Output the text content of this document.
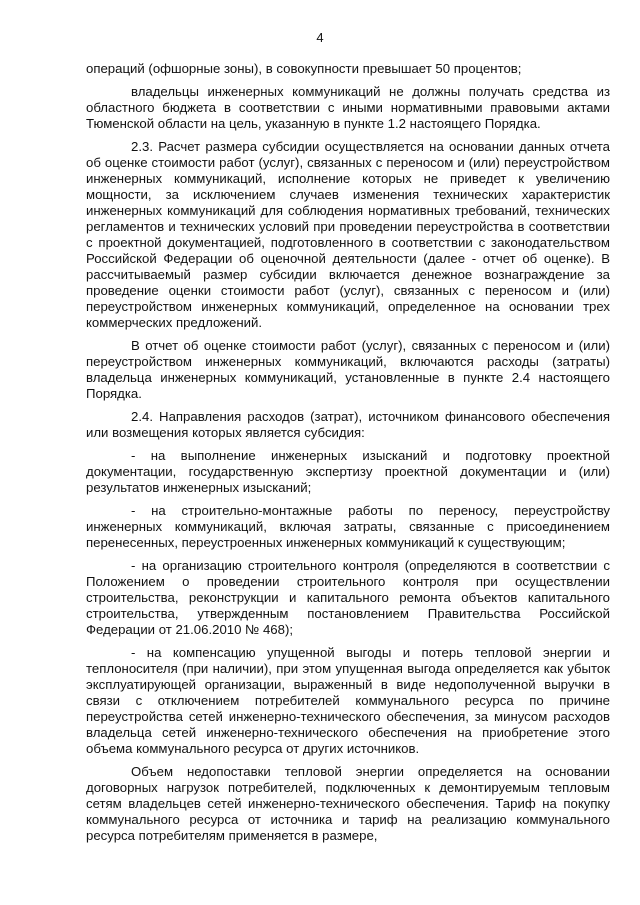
4

операций (офшорные зоны), в совокупности превышает 50 процентов;

владельцы инженерных коммуникаций не должны получать средства из областного бюджета в соответствии с иными нормативными правовыми актами Тюменской области на цель, указанную в пункте 1.2 настоящего Порядка.

2.3. Расчет размера субсидии осуществляется на основании данных отчета об оценке стоимости работ (услуг), связанных с переносом и (или) переустройством инженерных коммуникаций, исполнение которых не приведет к увеличению мощности, за исключением случаев изменения технических характеристик инженерных коммуникаций для соблюдения нормативных требований, технических регламентов и технических условий при проведении переустройства в соответствии с проектной документацией, подготовленного в соответствии с законодательством Российской Федерации об оценочной деятельности (далее - отчет об оценке). В рассчитываемый размер субсидии включается денежное вознаграждение за проведение оценки стоимости работ (услуг), связанных с переносом и (или) переустройством инженерных коммуникаций, определенное на основании трех коммерческих предложений.

В отчет об оценке стоимости работ (услуг), связанных с переносом и (или) переустройством инженерных коммуникаций, включаются расходы (затраты) владельца инженерных коммуникаций, установленные в пункте 2.4 настоящего Порядка.

2.4. Направления расходов (затрат), источником финансового обеспечения или возмещения которых является субсидия:

- на выполнение инженерных изысканий и подготовку проектной документации, государственную экспертизу проектной документации и (или) результатов инженерных изысканий;

- на строительно-монтажные работы по переносу, переустройству инженерных коммуникаций, включая затраты, связанные с присоединением перенесенных, переустроенных инженерных коммуникаций к существующим;

- на организацию строительного контроля (определяются в соответствии с Положением о проведении строительного контроля при осуществлении строительства, реконструкции и капитального ремонта объектов капитального строительства, утвержденным постановлением Правительства Российской Федерации от 21.06.2010 № 468);

- на компенсацию упущенной выгоды и потерь тепловой энергии и теплоносителя (при наличии), при этом упущенная выгода определяется как убыток эксплуатирующей организации, выраженный в виде недополученной выручки в связи с отключением потребителей коммунального ресурса по причине переустройства сетей инженерно-технического обеспечения, за минусом расходов владельца сетей инженерно-технического обеспечения на приобретение этого объема коммунального ресурса от других источников.

Объем недопоставки тепловой энергии определяется на основании договорных нагрузок потребителей, подключенных к демонтируемым тепловым сетям владельцев сетей инженерно-технического обеспечения. Тариф на покупку коммунального ресурса от источника и тариф на реализацию коммунального ресурса потребителям применяется в размере,
